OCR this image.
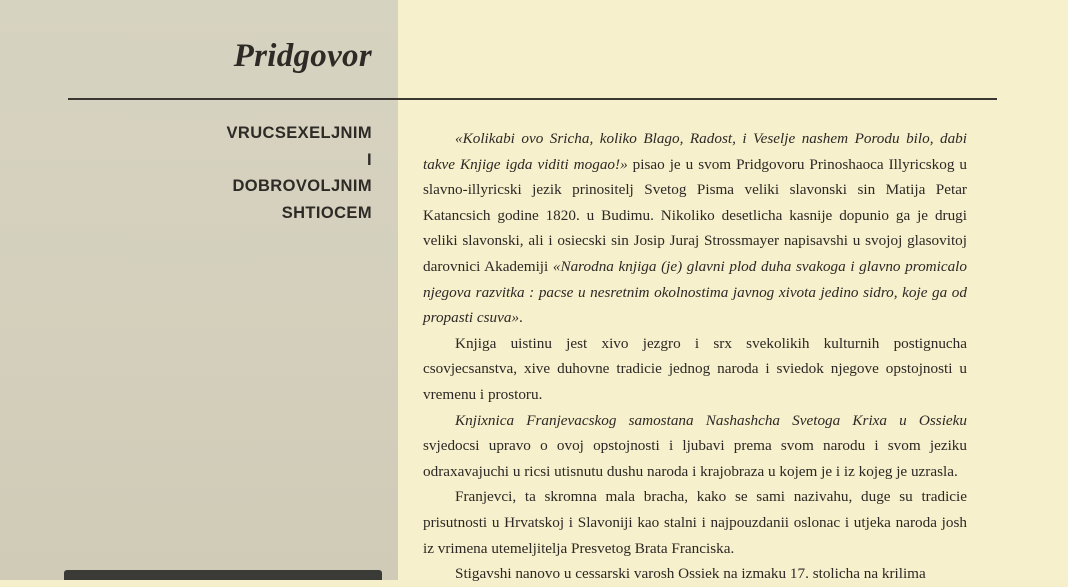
Pridgovor
VRUCSEXELJNIM
I
DOBROVOLJNIM
SHTIOCEM

«Kolikabi ovo Sricha, koliko Blago, Radost, i Veselje nashem Porodu bilo, dabi takve Knjige igda viditi mogao!» pisao je u svom Pridgovoru Prinoshaoca Illyricskog u slavno-illyricski jezik prinositelj Svetog Pisma veliki slavonski sin Matija Petar Katancsich godine 1820. u Budimu. Nikoliko desetlicha kasnije dopunio ga je drugi veliki slavonski, ali i osiecski sin Josip Juraj Strossmayer napisavshi u svojoj glasovitoj darovnici Akademiji «Narodna knjiga (je) glavni plod duha svakoga i glavno promicalo njegova razvitka : pacse u nesretnim okolnostima javnog xivota jedino sidro, koje ga od propasti csuva».

Knjiga uistinu jest xivo jezgro i srx svekolikih kulturnih postignucha csovjecsanstva, xive duhovne tradicie jednog naroda i sviedok njegove opstojnosti u vremenu i prostoru.

Knjixnica Franjevacskog samostana Nashashcha Svetoga Krixa u Ossieku svjedocsi upravo o ovoj opstojnosti i ljubavi prema svom narodu i svom jeziku odraxavajuchi u ricsi utisnutu dushu naroda i krajobraza u kojem je i iz kojeg je uzrasla.

Franjevci, ta skromna mala bracha, kako se sami nazivahu, duge su tradicie prisutnosti u Hrvatskoj i Slavoniji kao stalni i najpouzdanii oslonac i utjeka naroda josh iz vrimena utemeljitelja Presvetog Brata Franciska.

Stigavshi nanovo u cessarski varosh Ossiek na izmaku 17. stolicha na krilima
